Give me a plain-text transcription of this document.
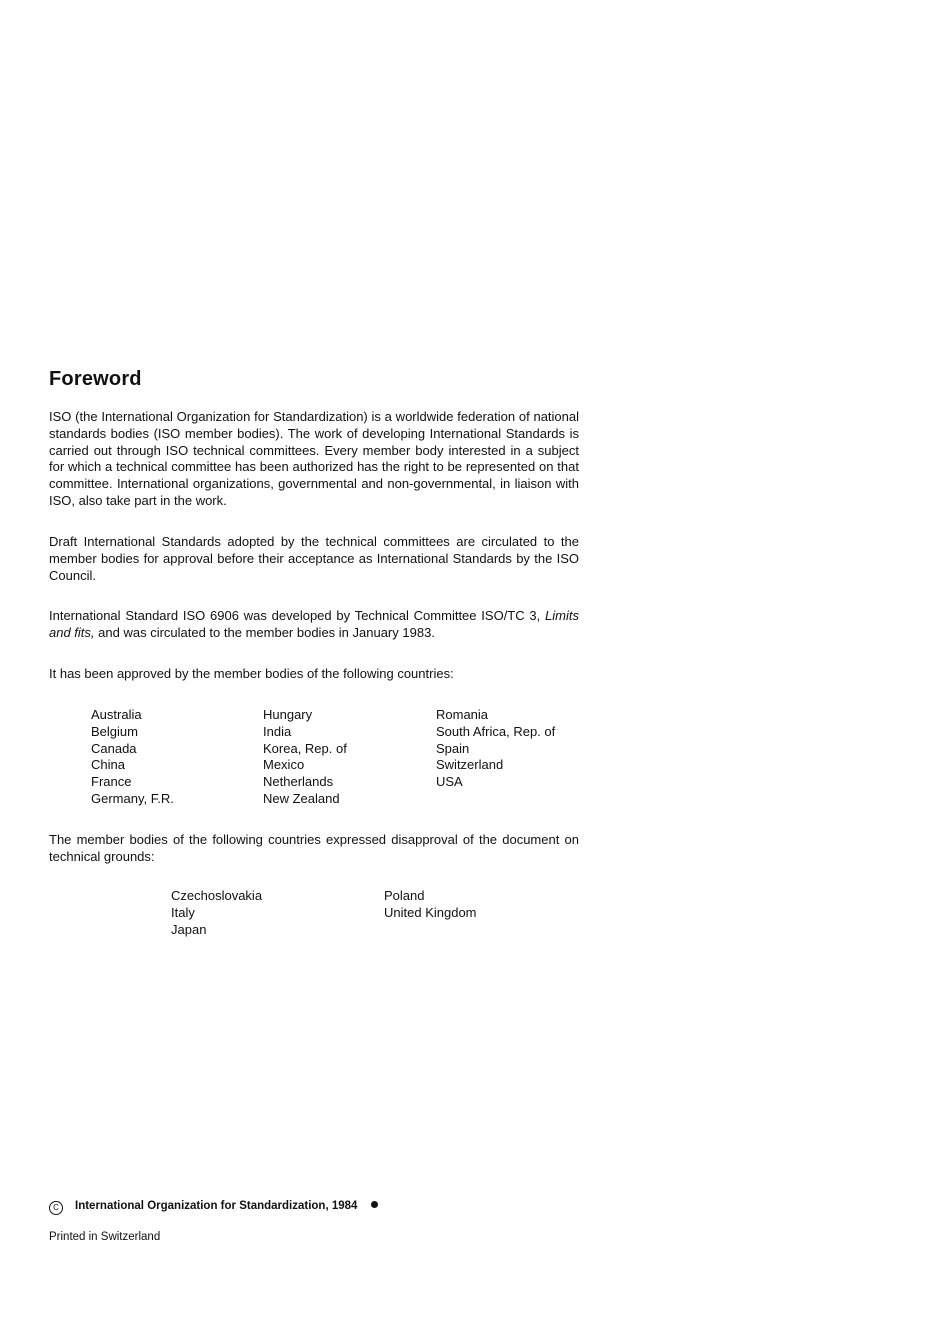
Foreword

ISO (the International Organization for Standardization) is a worldwide federation of national standards bodies (ISO member bodies). The work of developing International Standards is carried out through ISO technical committees. Every member body interested in a subject for which a technical committee has been authorized has the right to be represented on that committee. International organizations, governmental and non-governmental, in liaison with ISO, also take part in the work.

Draft International Standards adopted by the technical committees are circulated to the member bodies for approval before their acceptance as International Standards by the ISO Council.

International Standard ISO 6906 was developed by Technical Committee ISO/TC 3, Limits and fits, and was circulated to the member bodies in January 1983.

It has been approved by the member bodies of the following countries:

Australia
Belgium
Canada
China
France
Germany, F.R.
Hungary
India
Korea, Rep. of
Mexico
Netherlands
New Zealand
Romania
South Africa, Rep. of
Spain
Switzerland
USA

The member bodies of the following countries expressed disapproval of the document on technical grounds:

Czechoslovakia
Italy
Japan
Poland
United Kingdom
C International Organization for Standardization, 1984
Printed in Switzerland
